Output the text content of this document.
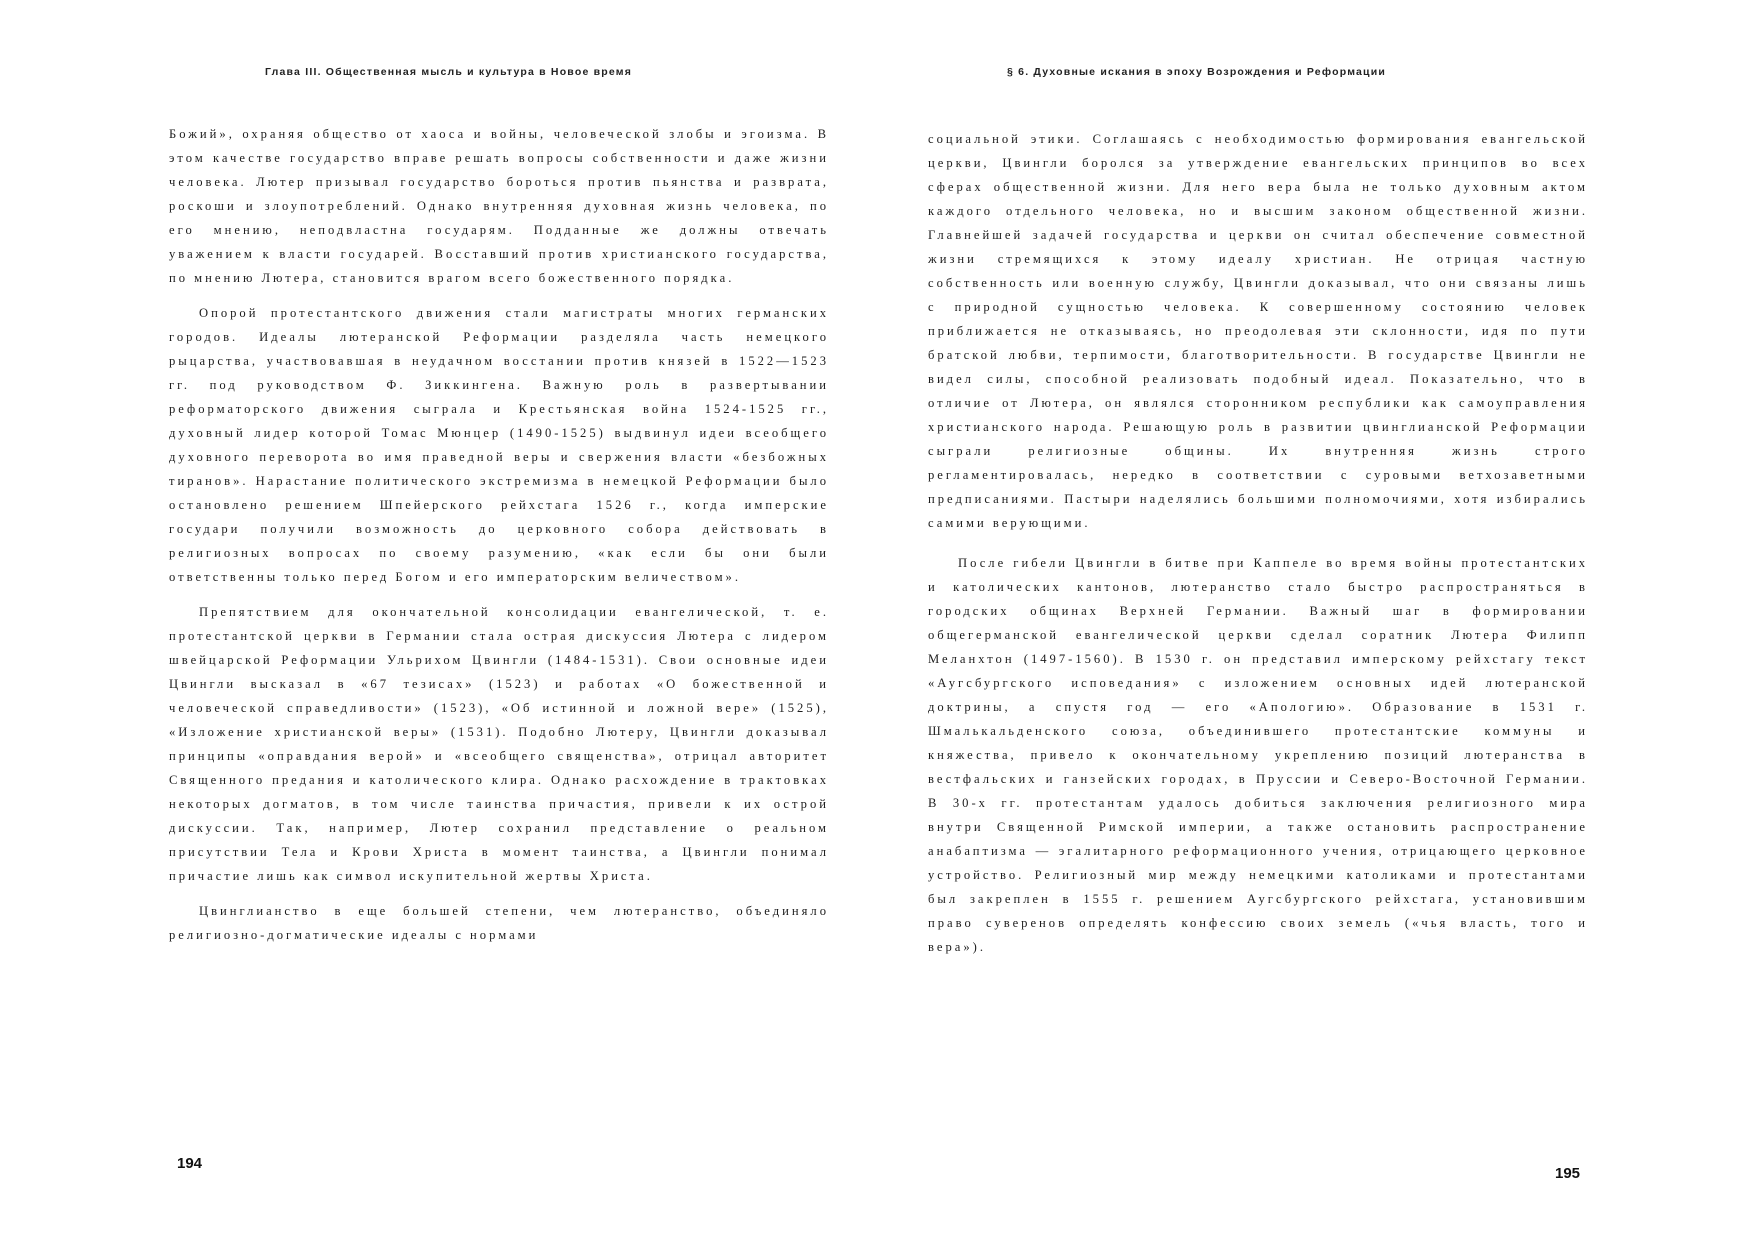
Глава III. Общественная мысль и культура в Новое время

Божий», охраняя общество от хаоса и войны, человеческой злобы и эгоизма. В этом качестве государство вправе решать вопросы собственности и даже жизни человека. Лютер призывал государство бороться против пьянства и разврата, роскоши и злоупотреблений. Однако внутренняя духовная жизнь человека, по его мнению, неподвластна государям. Подданные же должны отвечать уважением к власти государей. Восставший против христианского государства, по мнению Лютера, становится врагом всего божественного порядка.

Опорой протестантского движения стали магистраты многих германских городов. Идеалы лютеранской Реформации разделяла часть немецкого рыцарства, участвовавшая в неудачном восстании против князей в 1522—1523 гг. под руководством Ф. Зиккингена. Важную роль в развертывании реформаторского движения сыграла и Крестьянская война 1524-1525 гг., духовный лидер которой Томас Мюнцер (1490-1525) выдвинул идеи всеобщего духовного переворота во имя праведной веры и свержения власти «безбожных тиранов». Нарастание политического экстремизма в немецкой Реформации было остановлено решением Шпейерского рейхстага 1526 г., когда имперские государи получили возможность до церковного собора действовать в религиозных вопросах по своему разумению, «как если бы они были ответственны только перед Богом и его императорским величеством».

Препятствием для окончательной консолидации евангелической, т. е. протестантской церкви в Германии стала острая дискуссия Лютера с лидером швейцарской Реформации Ульрихом Цвингли (1484-1531). Свои основные идеи Цвингли высказал в «67 тезисах» (1523) и работах «О божественной и человеческой справедливости» (1523), «Об истинной и ложной вере» (1525), «Изложение христианской веры» (1531). Подобно Лютеру, Цвингли доказывал принципы «оправдания верой» и «всеобщего священства», отрицал авторитет Священного предания и католического клира. Однако расхождение в трактовках некоторых догматов, в том числе таинства причастия, привели к их острой дискуссии. Так, например, Лютер сохранил представление о реальном присутствии Тела и Крови Христа в момент таинства, а Цвингли понимал причастие лишь как символ искупительной жертвы Христа.

Цвинглианство в еще большей степени, чем лютеранство, объединяло религиозно-догматические идеалы с нормами

194
§ 6. Духовные искания в эпоху Возрождения и Реформации

социальной этики. Соглашаясь с необходимостью формирования евангельской церкви, Цвингли боролся за утверждение евангельских принципов во всех сферах общественной жизни. Для него вера была не только духовным актом каждого отдельного человека, но и высшим законом общественной жизни. Главнейшей задачей государства и церкви он считал обеспечение совместной жизни стремящихся к этому идеалу христиан. Не отрицая частную собственность или военную службу, Цвингли доказывал, что они связаны лишь с природной сущностью человека. К совершенному состоянию человек приближается не отказываясь, но преодолевая эти склонности, идя по пути братской любви, терпимости, благотворительности. В государстве Цвингли не видел силы, способной реализовать подобный идеал. Показательно, что в отличие от Лютера, он являлся сторонником республики как самоуправления христианского народа. Решающую роль в развитии цвинглианской Реформации сыграли религиозные общины. Их внутренняя жизнь строго регламентировалась, нередко в соответствии с суровыми ветхозаветными предписаниями. Пастыри наделялись большими полномочиями, хотя избирались самими верующими.

После гибели Цвингли в битве при Каппеле во время войны протестантских и католических кантонов, лютеранство стало быстро распространяться в городских общинах Верхней Германии. Важный шаг в формировании общегерманской евангелической церкви сделал соратник Лютера Филипп Меланхтон (1497-1560). В 1530 г. он представил имперскому рейхстагу текст «Аугсбургского исповедания» с изложением основных идей лютеранской доктрины, а спустя год — его «Апологию». Образование в 1531 г. Шмалькальденского союза, объединившего протестантские коммуны и княжества, привело к окончательному укреплению позиций лютеранства в вестфальских и ганзейских городах, в Пруссии и Северо-Восточной Германии. В 30-х гг. протестантам удалось добиться заключения религиозного мира внутри Священной Римской империи, а также остановить распространение анабаптизма — эгалитарного реформационного учения, отрицающего церковное устройство. Религиозный мир между немецкими католиками и протестантами был закреплен в 1555 г. решением Аугсбургского рейхстага, установившим право суверенов определять конфессию своих земель («чья власть, того и вера»).

195
